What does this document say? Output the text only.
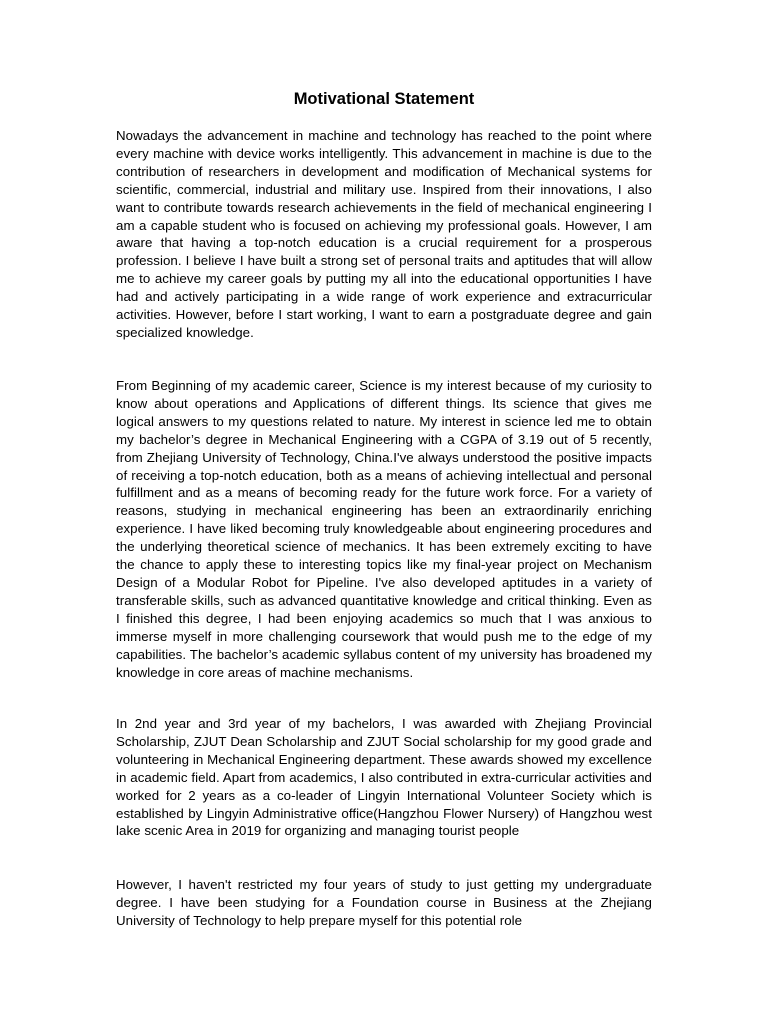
Motivational Statement

Nowadays the advancement in machine and technology has reached to the point where every machine with device works intelligently. This advancement in machine is due to the contribution of researchers in development and modification of Mechanical systems for scientific, commercial, industrial and military use. Inspired from their innovations, I also want to contribute towards research achievements in the field of mechanical engineering I am a capable student who is focused on achieving my professional goals. However, I am aware that having a top-notch education is a crucial requirement for a prosperous profession. I believe I have built a strong set of personal traits and aptitudes that will allow me to achieve my career goals by putting my all into the educational opportunities I have had and actively participating in a wide range of work experience and extracurricular activities. However, before I start working, I want to earn a postgraduate degree and gain specialized knowledge.

From Beginning of my academic career, Science is my interest because of my curiosity to know about operations and Applications of different things. Its science that gives me logical answers to my questions related to nature. My interest in science led me to obtain my bachelor’s degree in Mechanical Engineering with a CGPA of 3.19 out of 5 recently, from Zhejiang University of Technology, China.I've always understood the positive impacts of receiving a top-notch education, both as a means of achieving intellectual and personal fulfillment and as a means of becoming ready for the future work force. For a variety of reasons, studying in mechanical engineering has been an extraordinarily enriching experience. I have liked becoming truly knowledgeable about engineering procedures and the underlying theoretical science of mechanics. It has been extremely exciting to have the chance to apply these to interesting topics like my final-year project on Mechanism Design of a Modular Robot for Pipeline. I've also developed aptitudes in a variety of transferable skills, such as advanced quantitative knowledge and critical thinking. Even as I finished this degree, I had been enjoying academics so much that I was anxious to immerse myself in more challenging coursework that would push me to the edge of my capabilities. The bachelor’s academic syllabus content of my university has broadened my knowledge in core areas of machine mechanisms.

In 2nd year and 3rd year of my bachelors, I was awarded with Zhejiang Provincial Scholarship, ZJUT Dean Scholarship and ZJUT Social scholarship for my good grade and volunteering in Mechanical Engineering department. These awards showed my excellence in academic field. Apart from academics, I also contributed in extra-curricular activities and worked for 2 years as a co-leader of Lingyin International Volunteer Society which is established by Lingyin Administrative office(Hangzhou Flower Nursery) of Hangzhou west lake scenic Area in 2019 for organizing and managing tourist people

However, I haven't restricted my four years of study to just getting my undergraduate degree. I have been studying for a Foundation course in Business at the Zhejiang University of Technology to help prepare myself for this potential role
